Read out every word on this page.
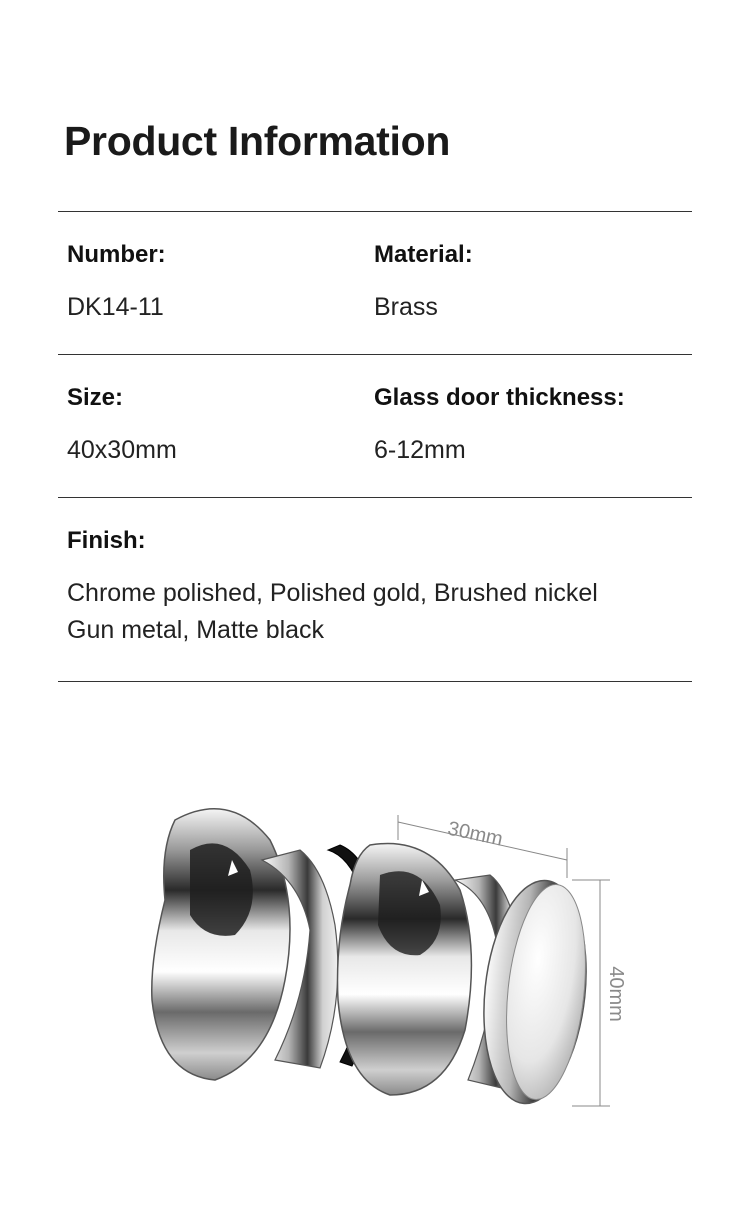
Product Information
Number:
DK14-11
Material:
Brass
Size:
40x30mm
Glass door thickness:
6-12mm
Finish:
Chrome polished, Polished gold, Brushed nickel
Gun metal, Matte black
30mm
40mm
